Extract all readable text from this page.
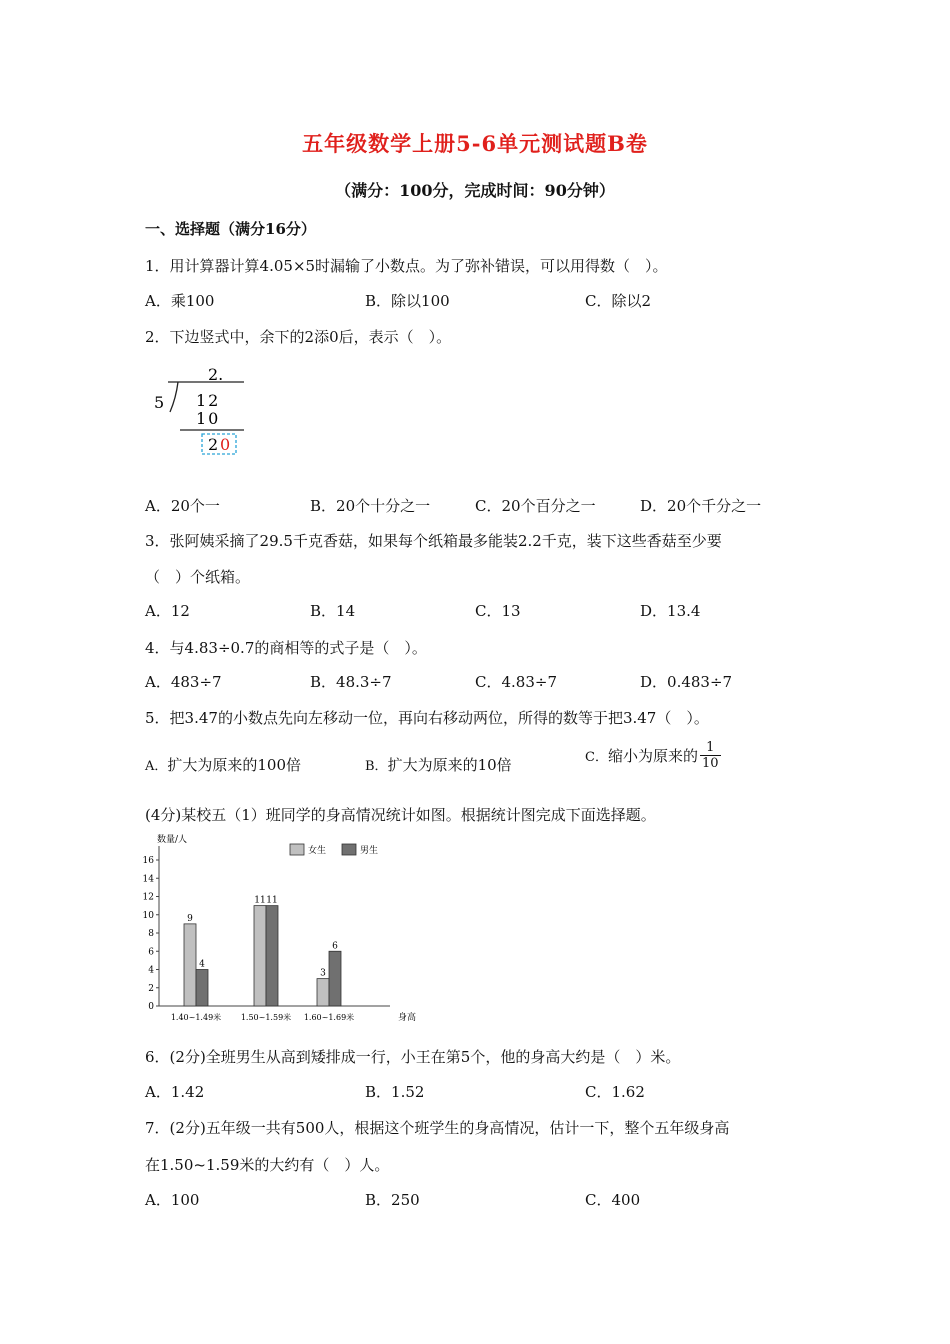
五年级数学上册5-6单元测试题B卷
（满分：100分，完成时间：90分钟）
一、选择题（满分16分）
1．用计算器计算4.05×5时漏输了小数点。为了弥补错误，可以用得数（　）。
A．乘100	B．除以100	C．除以2
2．下边竖式中，余下的2添0后，表示（　）。
2.
5 12
10
2 0
A．20个一	B．20个十分之一	C．20个百分之一	D．20个千分之一
3．张阿姨采摘了29.5千克香菇，如果每个纸箱最多能装2.2千克，装下这些香菇至少要
（　）个纸箱。
A．12	B．14	C．13	D．13.4
4．与4.83÷0.7的商相等的式子是（　）。
A．483÷7	B．48.3÷7	C．4.83÷7	D．0.483÷7
5．把3.47的小数点先向左移动一位，再向右移动两位，所得的数等于把3.47（　）。
A．扩大为原来的100倍	B．扩大为原来的10倍	C．缩小为原来的 $\frac{1}{10}$
(4分)某校五（1）班同学的身高情况统计如图。根据统计图完成下面选择题。
数量/人
身高
0
2
4
6
8
10
12
14
16
女生	男生
9
4
1.40~1.49米
11 11
1.50~1.59米
3
6
1.60~1.69米
6．(2分)全班男生从高到矮排成一行，小王在第5个，他的身高大约是（　）米。
A．1.42	B．1.52	C．1.62
7．(2分)五年级一共有500人，根据这个班学生的身高情况，估计一下，整个五年级身高
在1.50~1.59米的大约有（　）人。
A．100	B．250	C．400
